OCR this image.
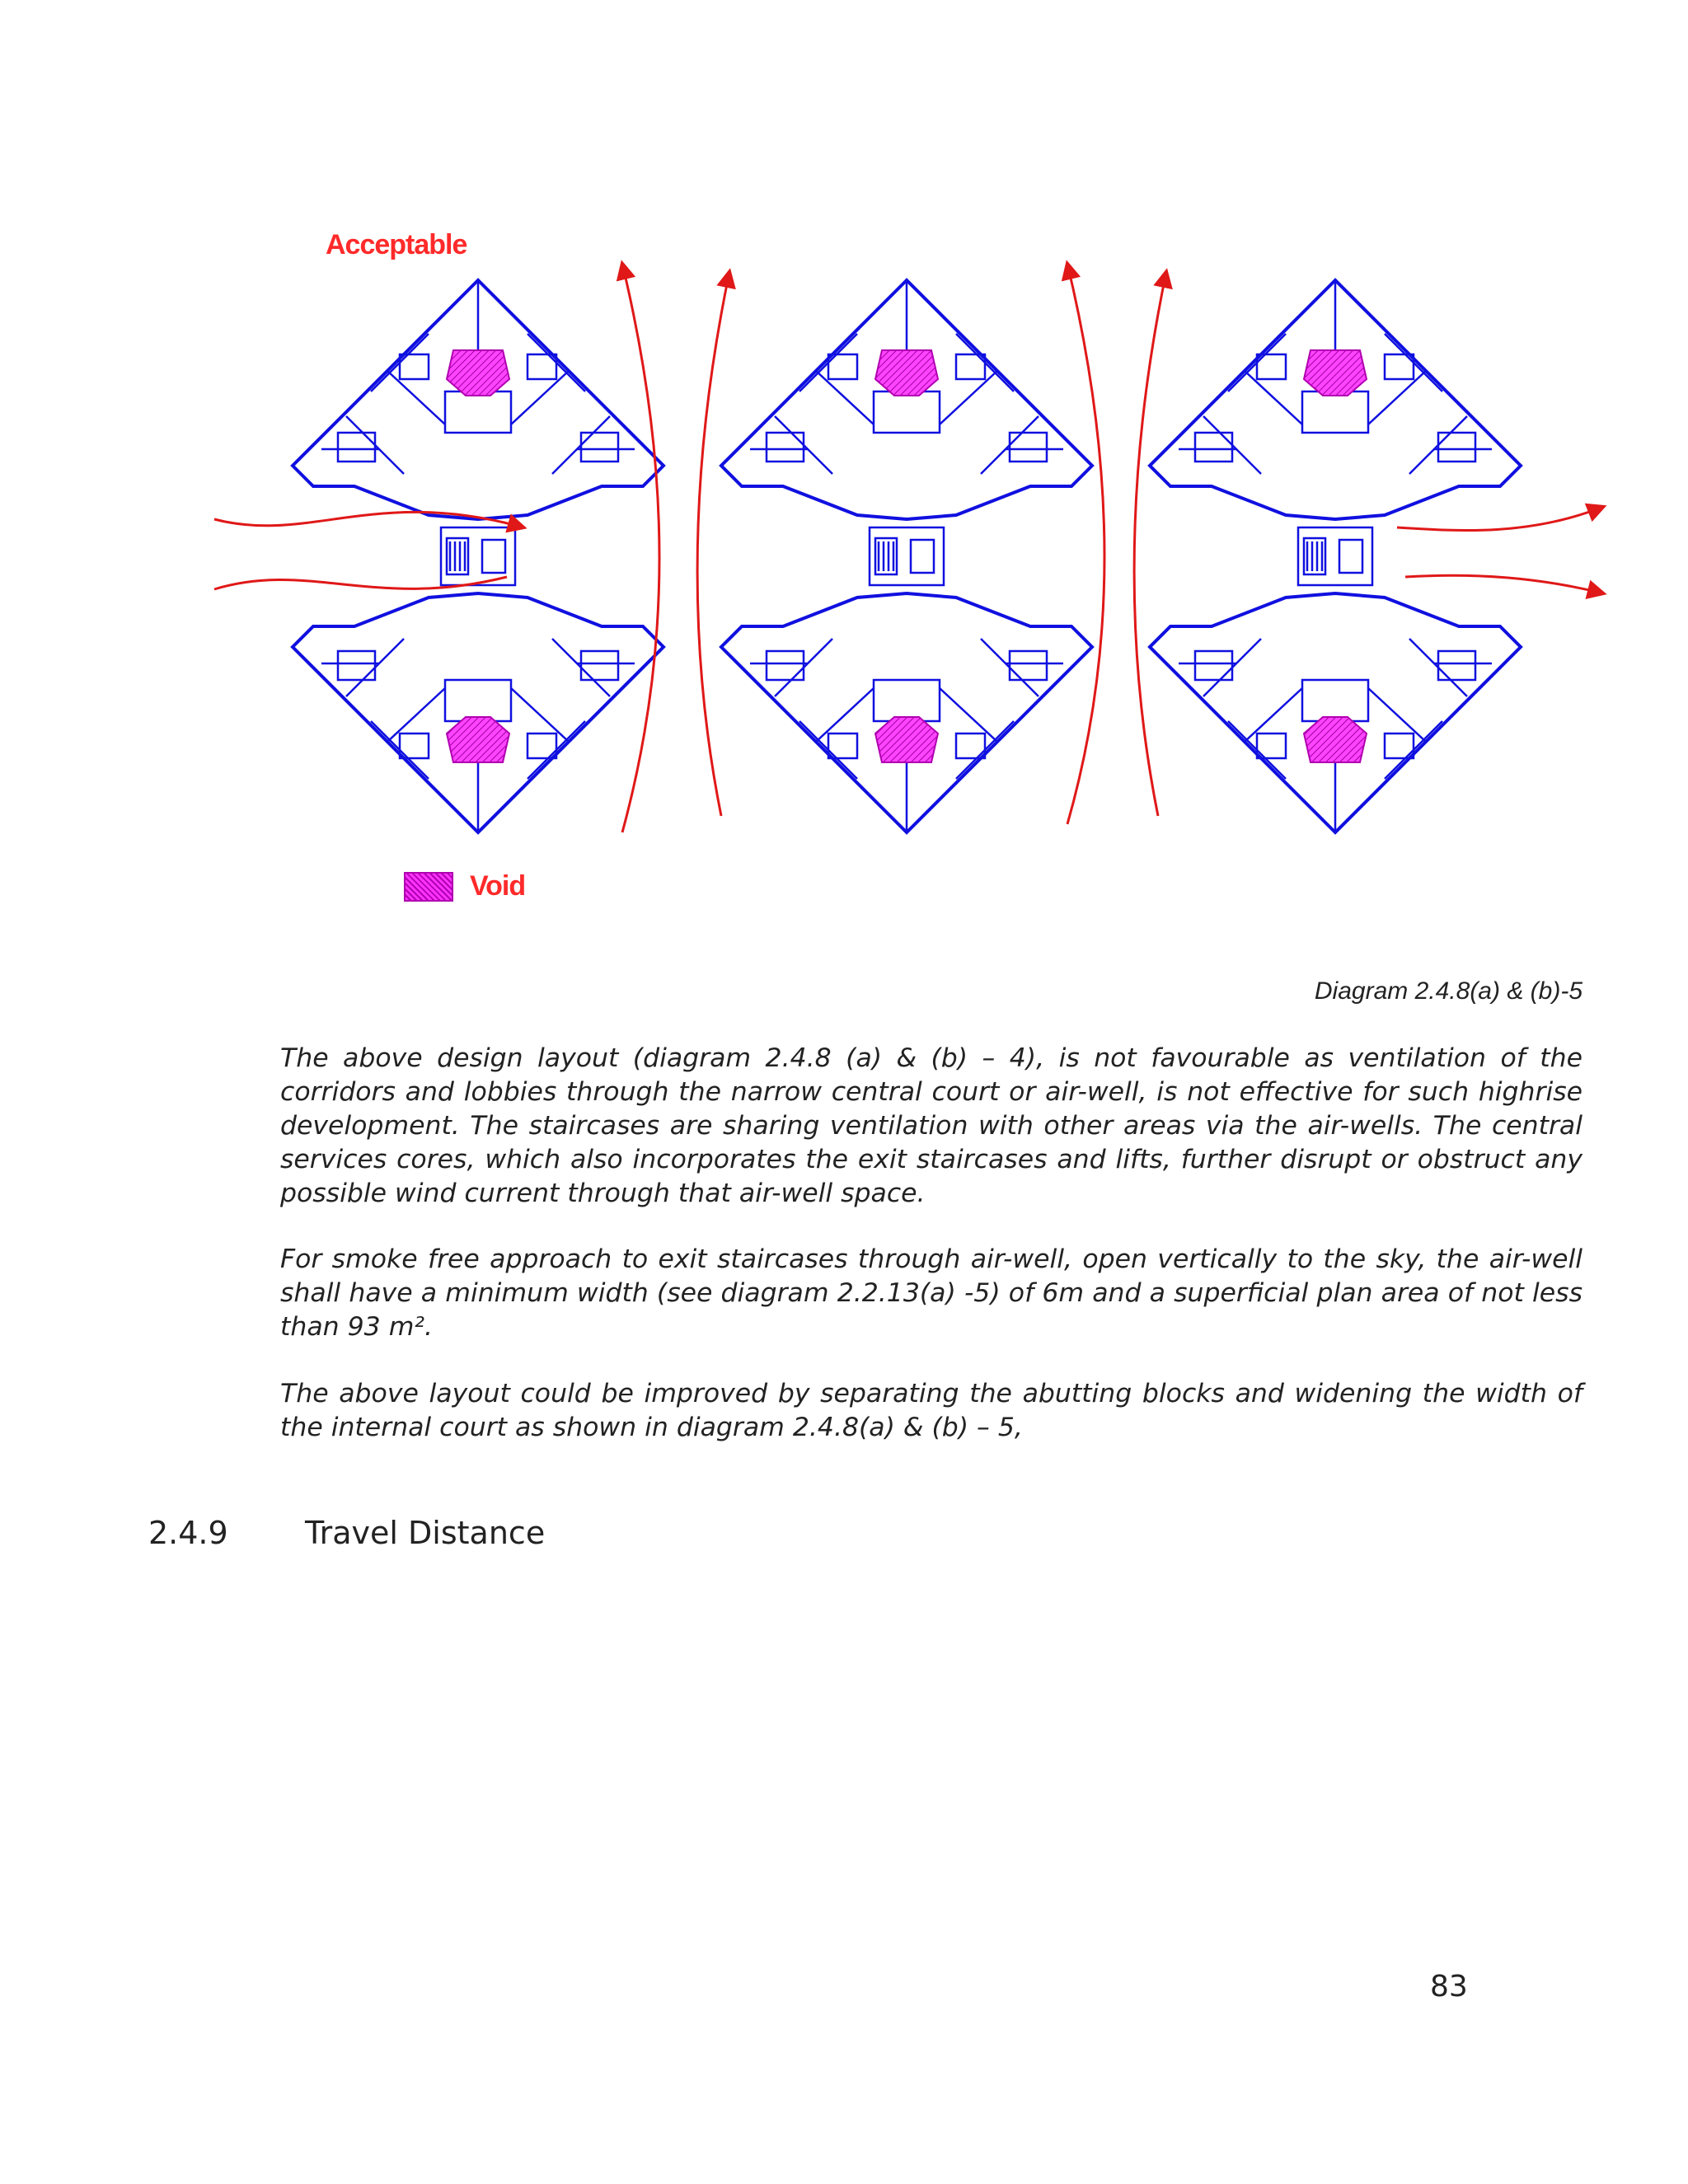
Acceptable
Void
Diagram 2.4.8(a) & (b)-5

The above design layout (diagram 2.4.8 (a) & (b) – 4), is not favourable as ventilation of the corridors and lobbies through the narrow central court or air-well, is not effective for such highrise development. The staircases are sharing ventilation with other areas via the air-wells. The central services cores, which also incorporates the exit staircases and lifts, further disrupt or obstruct any possible wind current through that air-well space.

For smoke free approach to exit staircases through air-well, open vertically to the sky, the air-well shall have a minimum width (see diagram 2.2.13(a) -5) of 6m and a superficial plan area of not less than 93 m².

The above layout could be improved by separating the abutting blocks and widening the width of the internal court as shown in diagram 2.4.8(a) & (b) – 5,

2.4.9 Travel Distance
83
